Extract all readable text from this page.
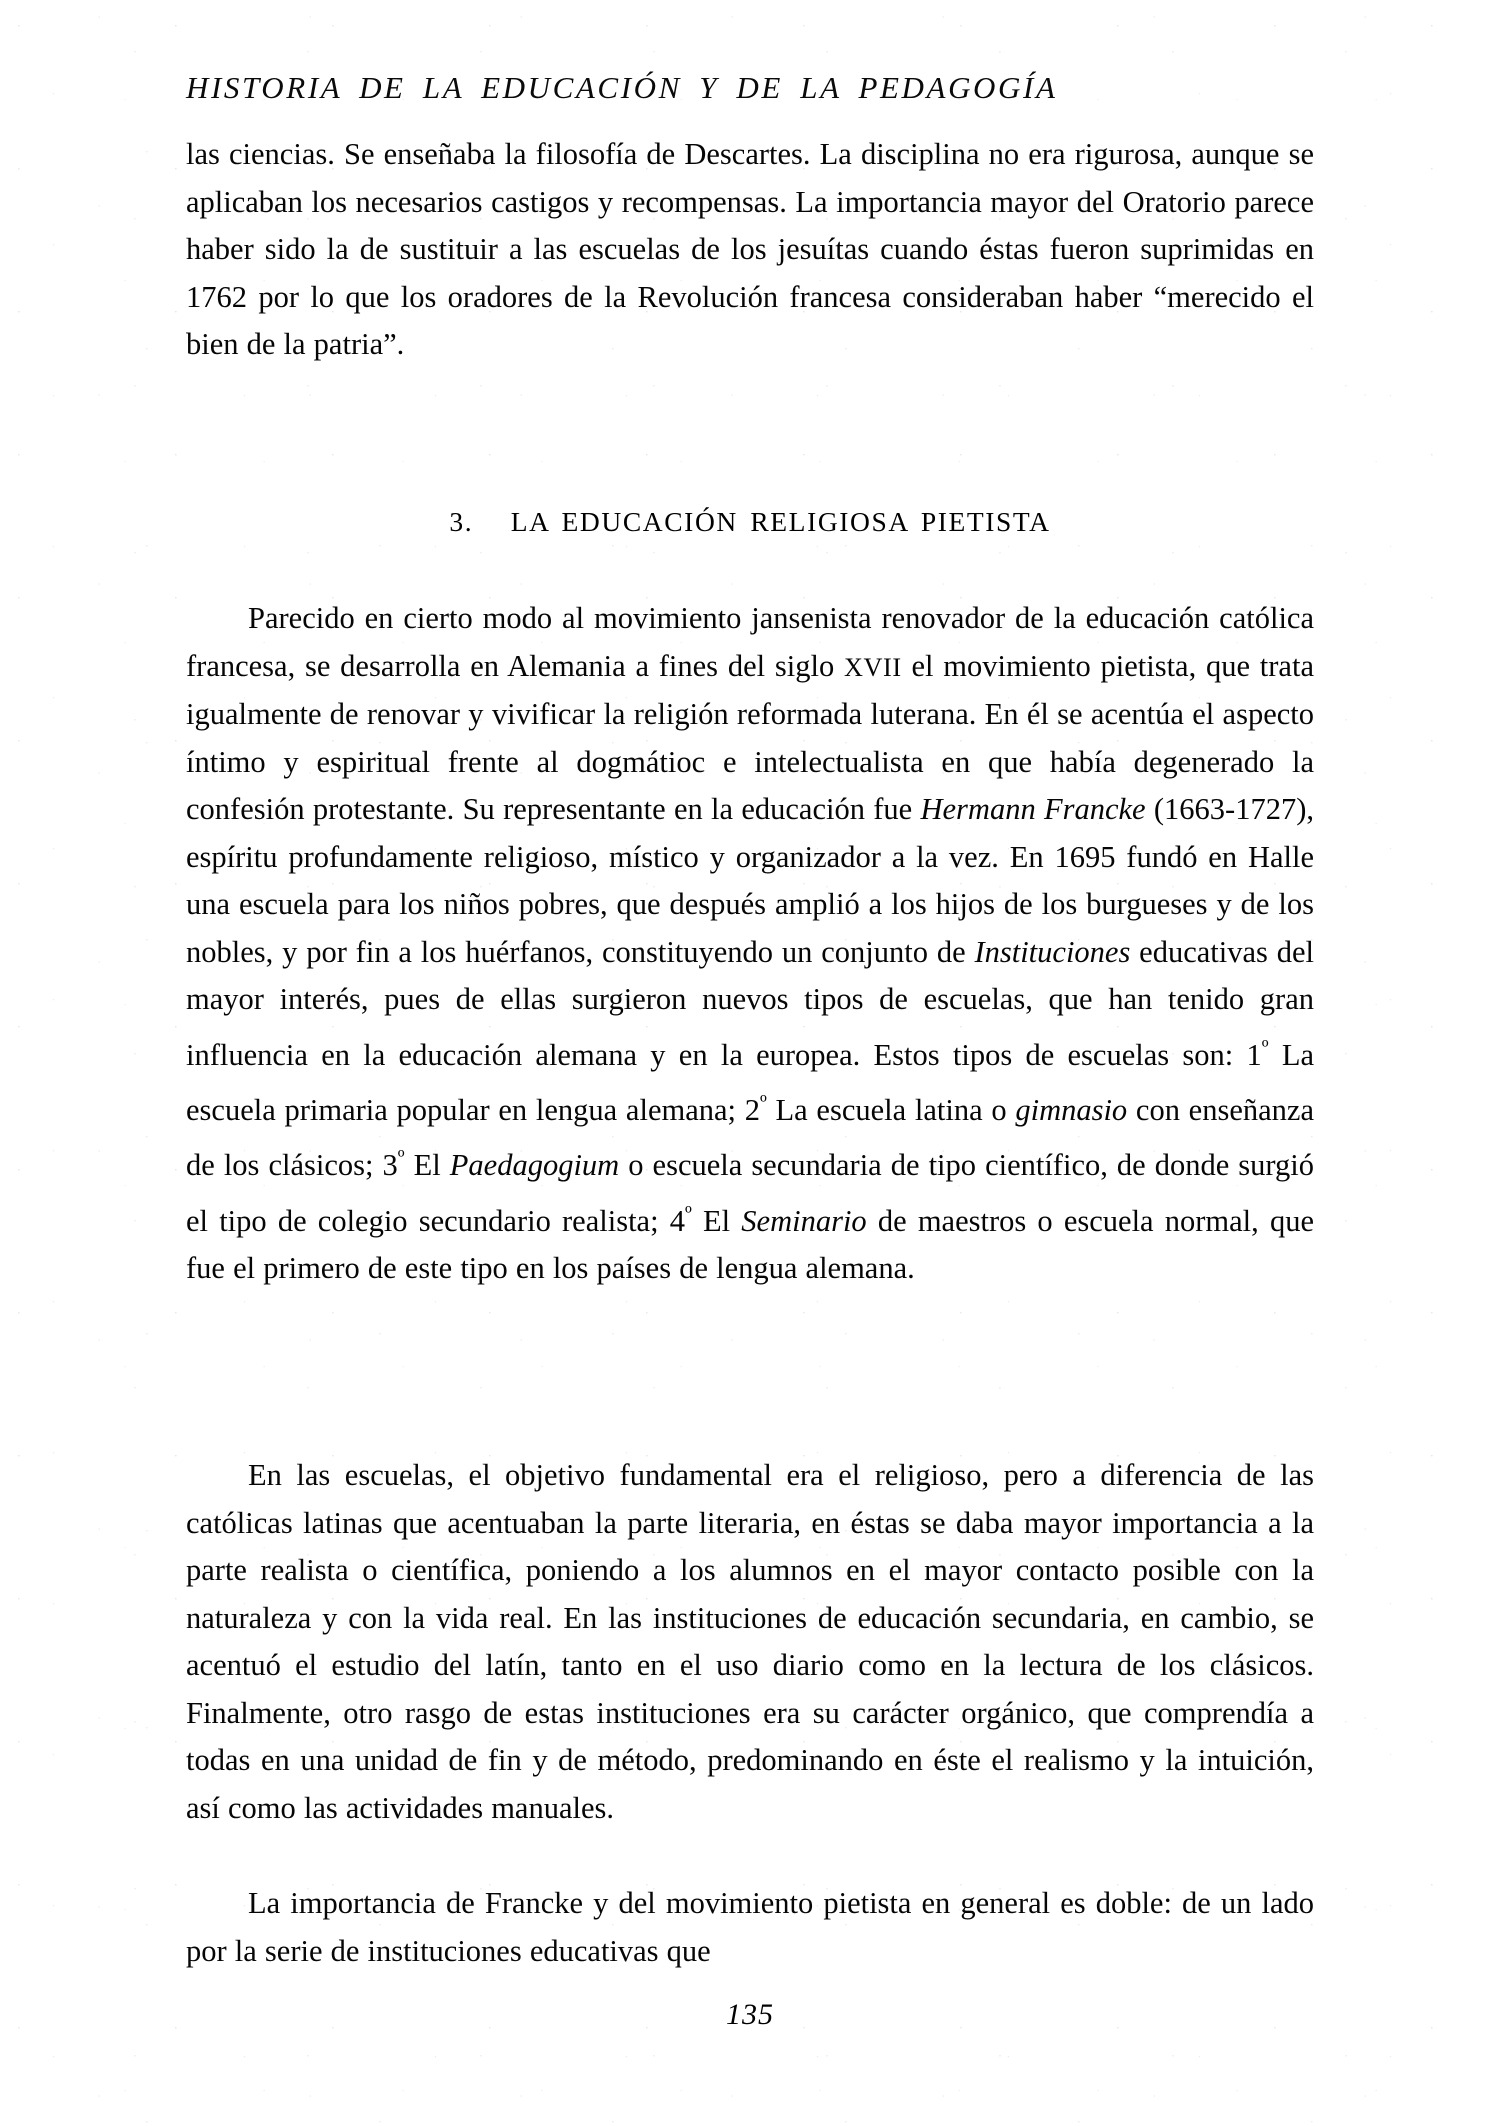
HISTORIA DE LA EDUCACIÓN Y DE LA PEDAGOGÍA

las ciencias. Se enseñaba la filosofía de Descartes. La disciplina no era rigurosa, aunque se aplicaban los necesarios castigos y recompensas. La importancia mayor del Oratorio parece haber sido la de sustituir a las escuelas de los jesuítas cuando éstas fueron suprimidas en 1762 por lo que los oradores de la Revolución francesa consideraban haber “merecido el bien de la patria”.

3. LA EDUCACIÓN RELIGIOSA PIETISTA

Parecido en cierto modo al movimiento jansenista renovador de la educación católica francesa, se desarrolla en Alemania a fines del siglo XVII el movimiento pietista, que trata igualmente de renovar y vivificar la religión reformada luterana. En él se acentúa el aspecto íntimo y espiritual frente al dogmátioc e intelectualista en que había degenerado la confesión protestante. Su representante en la educación fue Hermann Francke (1663-1727), espíritu profundamente religioso, místico y organizador a la vez. En 1695 fundó en Halle una escuela para los niños pobres, que después amplió a los hijos de los burgueses y de los nobles, y por fin a los huérfanos, constituyendo un conjunto de Instituciones educativas del mayor interés, pues de ellas surgieron nuevos tipos de escuelas, que han tenido gran influencia en la educación alemana y en la europea. Estos tipos de escuelas son: $1^º$ La escuela primaria popular en lengua alemana; $2^º$ La escuela latina o gimnasio con enseñanza de los clásicos; $3^º$ El Paedagogium o escuela secundaria de tipo científico, de donde surgió el tipo de colegio secundario realista; $4^º$ El Seminario de maestros o escuela normal, que fue el primero de este tipo en los países de lengua alemana.

En las escuelas, el objetivo fundamental era el religioso, pero a diferencia de las católicas latinas que acentuaban la parte literaria, en éstas se daba mayor importancia a la parte realista o científica, poniendo a los alumnos en el mayor contacto posible con la naturaleza y con la vida real. En las instituciones de educación secundaria, en cambio, se acentuó el estudio del latín, tanto en el uso diario como en la lectura de los clásicos. Finalmente, otro rasgo de estas instituciones era su carácter orgánico, que comprendía a todas en una unidad de fin y de método, predominando en éste el realismo y la intuición, así como las actividades manuales.

La importancia de Francke y del movimiento pietista en general es doble: de un lado por la serie de instituciones educativas que

135
